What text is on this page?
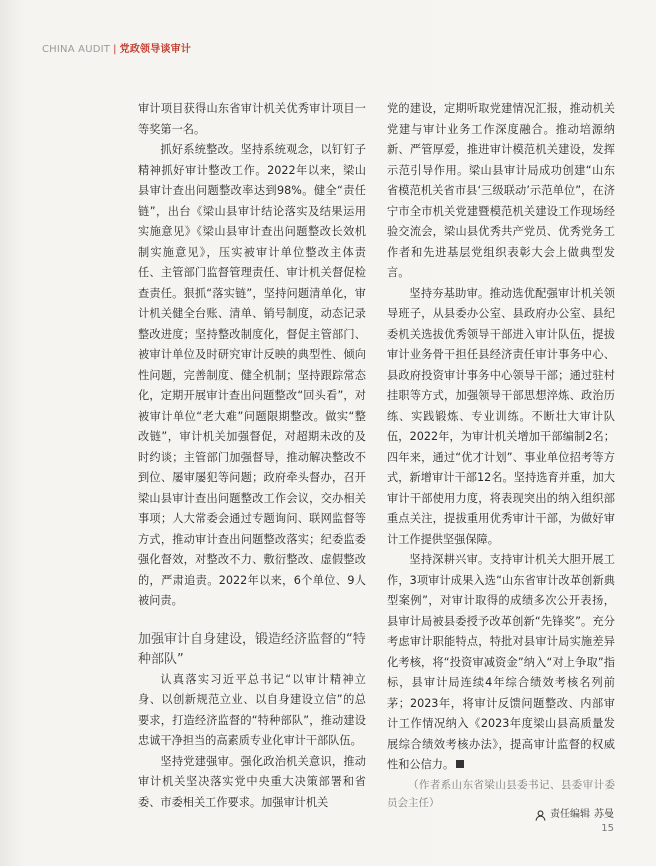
CHINA AUDIT | 党政领导谈审计

审计项目获得山东省审计机关优秀审计项目一等奖第一名。

抓好系统整改。坚持系统观念，以钉钉子精神抓好审计整改工作。2022年以来，梁山县审计查出问题整改率达到98%。健全“责任链”，出台《梁山县审计结论落实及结果运用实施意见》《梁山县审计查出问题整改长效机制实施意见》，压实被审计单位整改主体责任、主管部门监督管理责任、审计机关督促检查责任。狠抓“落实链”，坚持问题清单化，审计机关健全台账、清单、销号制度，动态记录整改进度；坚持整改制度化，督促主管部门、被审计单位及时研究审计反映的典型性、倾向性问题，完善制度、健全机制；坚持跟踪常态化，定期开展审计查出问题整改“回头看”，对被审计单位“老大难”问题限期整改。做实“整改链”，审计机关加强督促，对超期未改的及时约谈；主管部门加强督导，推动解决整改不到位、屡审屡犯等问题；政府牵头督办，召开梁山县审计查出问题整改工作会议，交办相关事项；人大常委会通过专题询问、联网监督等方式，推动审计查出问题整改落实；纪委监委强化督效，对整改不力、敷衍整改、虚假整改的，严肃追责。2022年以来，6个单位、9人被问责。

加强审计自身建设，锻造经济监督的“特种部队”

认真落实习近平总书记“以审计精神立身、以创新规范立业、以自身建设立信”的总要求，打造经济监督的“特种部队”，推动建设忠诚干净担当的高素质专业化审计干部队伍。

坚持党建强审。强化政治机关意识，推动审计机关坚决落实党中央重大决策部署和省委、市委相关工作要求。加强审计机关

党的建设，定期听取党建情况汇报，推动机关党建与审计业务工作深度融合。推动培源纳新、严管厚爱，推进审计模范机关建设，发挥示范引导作用。梁山县审计局成功创建“山东省模范机关省市县‘三级联动’示范单位”，在济宁市全市机关党建暨模范机关建设工作现场经验交流会，梁山县优秀共产党员、优秀党务工作者和先进基层党组织表彰大会上做典型发言。

坚持夯基助审。推动选优配强审计机关领导班子，从县委办公室、县政府办公室、县纪委机关选拔优秀领导干部进入审计队伍，提拔审计业务骨干担任县经济责任审计事务中心、县政府投资审计事务中心领导干部；通过驻村挂职等方式，加强领导干部思想淬炼、政治历练、实践锻炼、专业训练。不断壮大审计队伍，2022年，为审计机关增加干部编制2名；四年来，通过“优才计划”、事业单位招考等方式，新增审计干部12名。坚持选育并重，加大审计干部使用力度，将表现突出的纳入组织部重点关注，提拔重用优秀审计干部，为做好审计工作提供坚强保障。

坚持深耕兴审。支持审计机关大胆开展工作，3项审计成果入选“山东省审计改革创新典型案例”，对审计取得的成绩多次公开表扬，县审计局被县委授予改革创新“先锋奖”。充分考虑审计职能特点，特批对县审计局实施差异化考核，将“投资审减资金”纳入“对上争取”指标，县审计局连续4年综合绩效考核名列前茅；2023年，将审计反馈问题整改、内部审计工作情况纳入《2023年度梁山县高质量发展综合绩效考核办法》，提高审计监督的权威性和公信力。

（作者系山东省梁山县委书记、县委审计委员会主任）

责任编辑 苏曼
15
